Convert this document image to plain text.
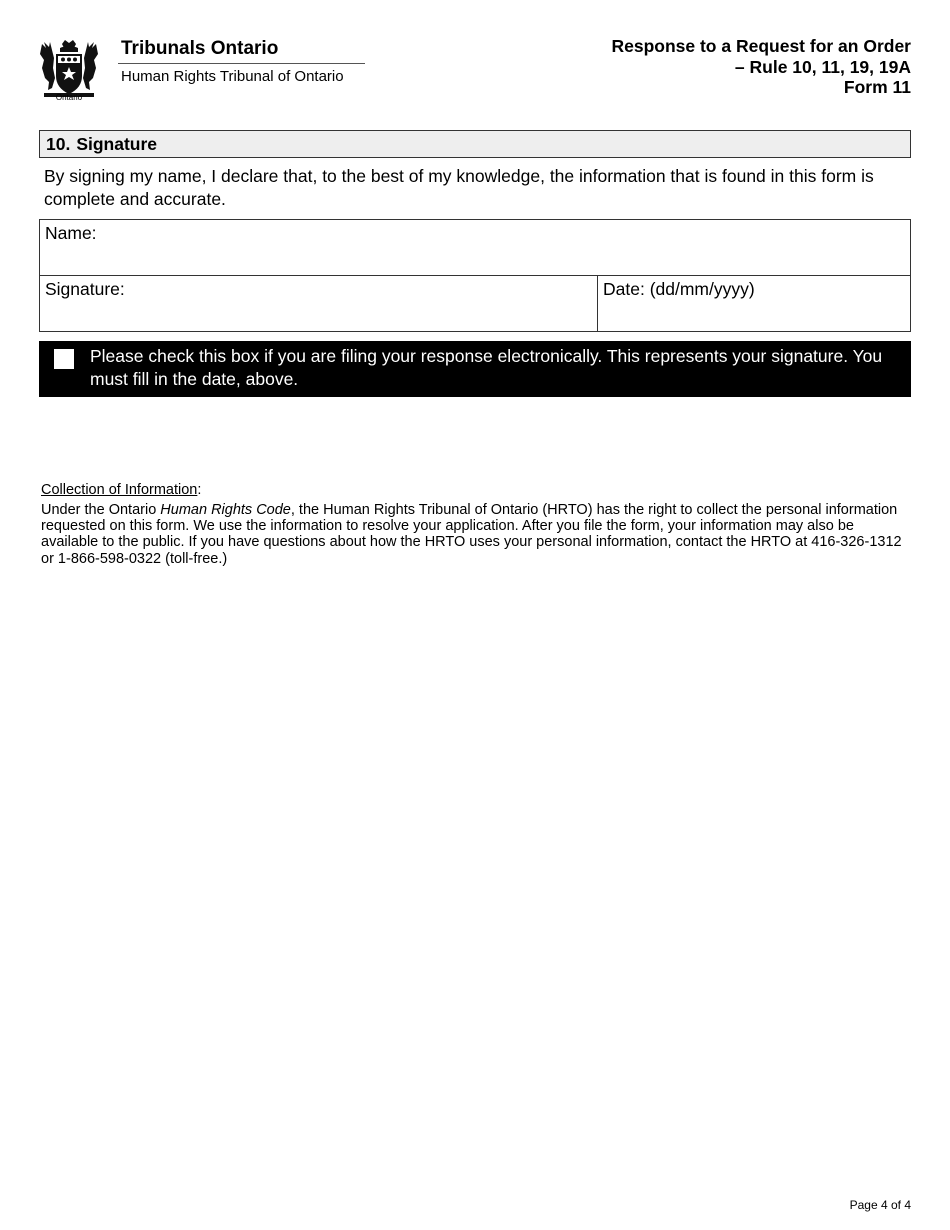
Ontario
Tribunals Ontario
Human Rights Tribunal of Ontario
Response to a Request for an Order
– Rule 10, 11, 19, 19A
Form 11
10. Signature
By signing my name, I declare that, to the best of my knowledge, the information that is found in this form is complete and accurate.
Name:
Signature:	Date: (dd/mm/yyyy)
Please check this box if you are filing your response electronically. This represents your signature. You must fill in the date, above.
Collection of Information:
Under the Ontario Human Rights Code, the Human Rights Tribunal of Ontario (HRTO) has the right to collect the personal information requested on this form. We use the information to resolve your application. After you file the form, your information may also be available to the public. If you have questions about how the HRTO uses your personal information, contact the HRTO at 416-326-1312 or 1-866-598-0322 (toll-free.)
Page 4 of 4
